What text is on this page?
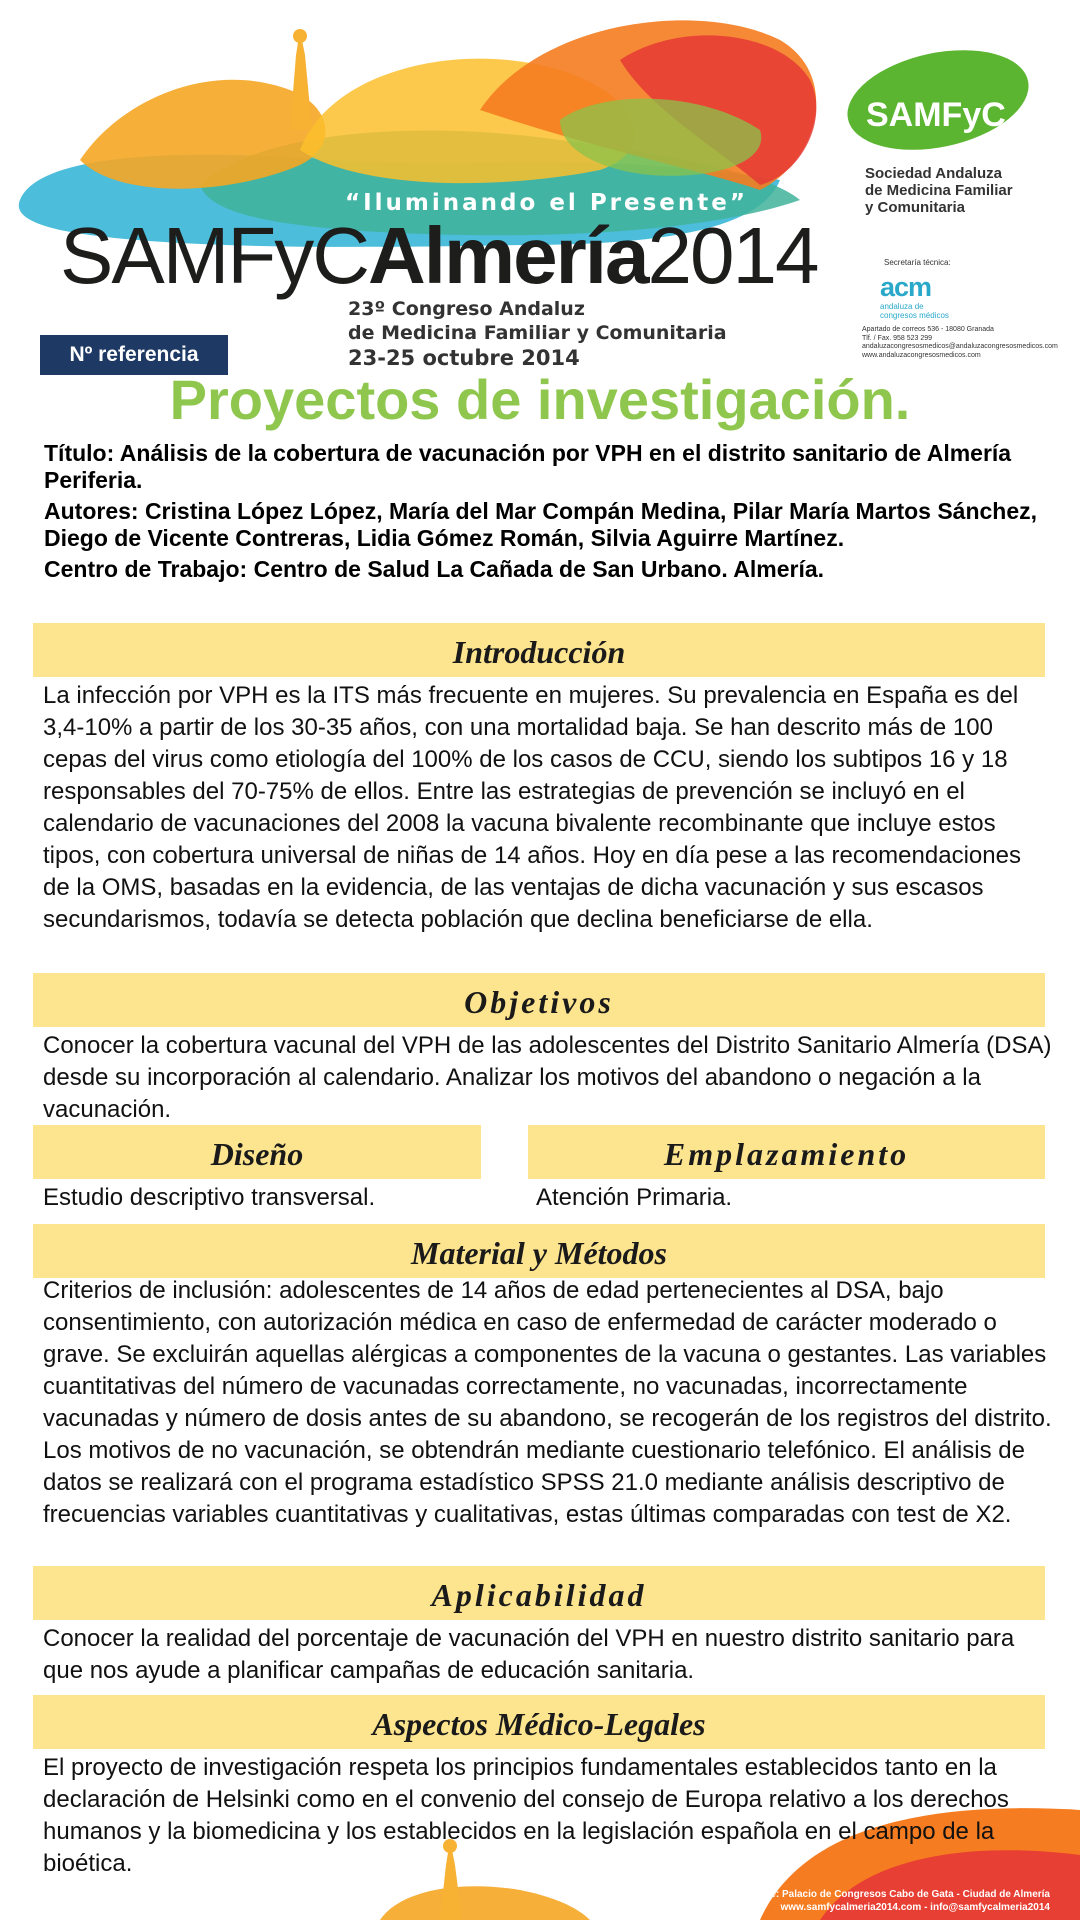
SAMFyC
“Iluminando el Presente”
SAMFyCAlmería2014
23º Congreso Andaluz
de Medicina Familiar y Comunitaria
23-25 octubre 2014
Sociedad Andaluza
de Medicina Familiar
y Comunitaria
Secretaría técnica:
acm
andaluza de
congresos médicos
Apartado de correos 536 - 18080 Granada
Tlf. / Fax. 958 523 299
andaluzacongresosmedicos@andaluzacongresosmedicos.com
www.andaluzacongresosmedicos.com
Nº referencia
Proyectos de investigación.
Título: Análisis de la cobertura de vacunación por VPH en el distrito sanitario de Almería Periferia.
Autores: Cristina López López, María del Mar Compán Medina, Pilar María Martos Sánchez, Diego de Vicente Contreras, Lidia Gómez Román, Silvia Aguirre Martínez.
Centro de Trabajo: Centro de Salud La Cañada de San Urbano. Almería.
Introducción
La infección por VPH es la ITS más frecuente en mujeres. Su prevalencia en España es del 3,4-10% a partir de los 30-35 años, con una mortalidad baja. Se han descrito más de 100 cepas del virus como etiología del 100% de los casos de CCU, siendo los subtipos 16 y 18 responsables del 70-75% de ellos. Entre las estrategias de prevención se incluyó en el calendario de vacunaciones del 2008 la vacuna bivalente recombinante que incluye estos tipos, con cobertura universal de niñas de 14 años. Hoy en día pese a las recomendaciones de la OMS, basadas en la evidencia, de las ventajas de dicha vacunación y sus escasos secundarismos, todavía se detecta población que declina beneficiarse de ella.
Objetivos
Conocer la cobertura vacunal del VPH de las adolescentes del Distrito Sanitario Almería (DSA) desde su incorporación al calendario. Analizar los motivos del abandono o negación a la vacunación.
Diseño
Estudio descriptivo transversal.
Emplazamiento
Atención Primaria.
Material y Métodos
Criterios de inclusión: adolescentes de 14 años de edad pertenecientes al DSA, bajo consentimiento, con autorización médica en caso de enfermedad de carácter moderado o grave. Se excluirán aquellas alérgicas a componentes de la vacuna o gestantes. Las variables cuantitativas del número de vacunadas correctamente, no vacunadas, incorrectamente vacunadas y número de dosis antes de su abandono, se recogerán de los registros del distrito. Los motivos de no vacunación, se obtendrán mediante cuestionario telefónico. El análisis de datos se realizará con el programa estadístico SPSS 21.0 mediante análisis descriptivo de frecuencias variables cuantitativas y cualitativas, estas últimas comparadas con test de X2.
Aplicabilidad
Conocer la realidad del porcentaje de vacunación del VPH en nuestro distrito sanitario para que nos ayude a planificar campañas de educación sanitaria.
Aspectos Médico-Legales
El proyecto de investigación respeta los principios fundamentales establecidos tanto en la declaración de Helsinki como en el convenio del consejo de Europa relativo a los derechos humanos y la biomedicina y los establecidos en la legislación española en el campo de la bioética.
Sede: Palacio de Congresos Cabo de Gata - Ciudad de Almería
www.samfycalmeria2014.com - info@samfycalmeria2014
